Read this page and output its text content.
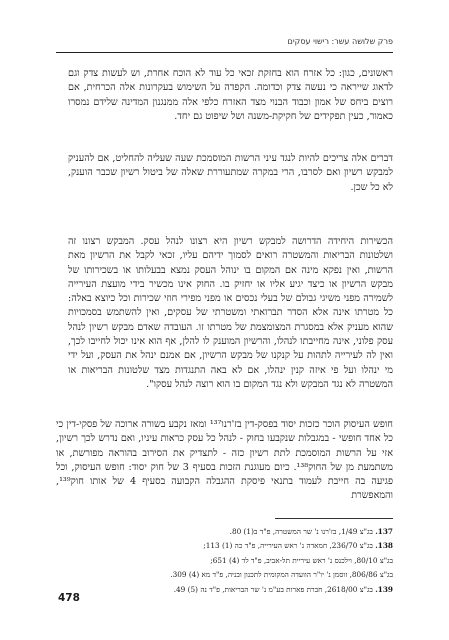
פרק שלושה עשר: רישוי עסקים
ראשונים, כגון: כל אזרח הוא בחזקת זכאי כל עוד לא הוכח אחרת, וש לעשות צדק וגם לדאוג שייראה כי נעשה צדק וכדומה. הקפדה על השימוש בעקרונות אלה הכרחית, אם רוצים ביחס של אמון וכבוד הבנוי מצד האזרח כלפי אלה ממנגנון המדינה שלידם נמסרו כאמור, כעין תפקידים של חקיקת-משנה ושל שיפוט גם יחד.
דברים אלה צריכים להיות לנגד עיני הרשות המוסמכת שעה שעליה להחליט, אם להעניק למבקש רשיון ואם לסרבו, הרי במקרה שמתעוררת שאלה של ביטול רשיון שכבר הוענק, לא כל שכן.
הכשירות היחידה הדרושה למבקש רשיון היא רצונו לנהל עסק. המבקש רצונו זה ושלטונות הבריאות והמשטרה רואים לסמוך ידיהם עליו, זכאי לקבל את הרשיון מאת הרשות, ואין נפקא מינה אם המקום בו ינוהל העסק נמצא בבעלותו או בשכירותו של מבקש הרשיון או כיצד יגיע אליו או יחזיק בו. החוק אינו מכשיר בידי מועצת העירייה לשמירה מפני משיגי גבולם של בעלי נכסים או מפני מפירי חוזי שכירות וכל כיוצא באלה: כל מטרתו אינה אלא הסדר תברואתי ומשטרתי של עסקים, ואין להשתמש בסמכויות שהוא מעניק אלא במסגרת המצומצמת של מטרתו זו. העובדה שאדם מבקש רשיון לנהל עסק פלוני, אינה מחייבתו לנהלו, והרשיון המוענק לו להלן, אף הוא אינו יכול לחייבו לכך, ואין לה לעירייה לתהות על קנקנו של מבקש הרשיון, אם אמנם ינהל את העסק, ועל ידי מי ינהלו ועל פי איזה קנין ינהלו, אם לא באה התנגדות מצד שלטונות הבריאות או המשטרה לא נגד המבקש ולא נגד המקום בו הוא רוצה לנהל עסקו".
חופש העיסוק הוכר כזכות יסוד בפסק-דין בז'רנו¹³⁷ ומאז נקבע בשורה ארוכה של פסקי-דין כי כל אחד חופשי - במגבלות שנקבעו בחוק - לנהל כל עסק כראות עיניו, ואם נדרש לכך רשיון, אזי על הרשות המוסמכת לתת רשיון כזה - לתצדיק את הסירוב בהוראה מפורשת, או משתמעת מן של החוק¹³⁸. כיום מעוגנת הזכות בסעיף 3 של חוק יסוד: חופש העיסוק, וכל פגיעה בה חייבת לעמוד בתנאי פיסקת ההגבלה הקבועה בסעיף 4 של אותו חוק¹³⁹, והמאפשרת
137. בג"צ 1/49, בז'רנו נ' שר המשטרה, פ"ד ב(1) 80.
138. בג"צ 236/70, חמאדה נ' ראש העירייה, פ"ד כה (1) 113;
בג"צ 80/10, וילכנס נ' ראש עיריית תל-אביב, פ"ד לד (4) 651;
בג"צ 806/86, זוסמן נ' יו"ר הוועדה המקומית לתכנון ובניה, פ"ד מא (4) 309.
139. בג"צ 2618/00, חברת פארות בע"מ נ' שר הבריאות, פ"ד נה (5) 49.
478
